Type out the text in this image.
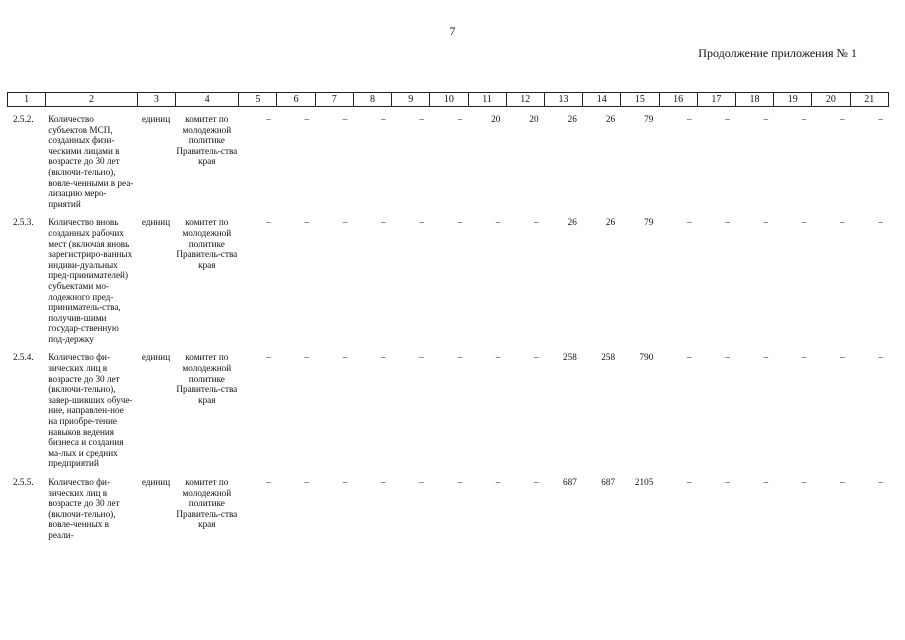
7
Продолжение приложения № 1
1	2	3	4	5	6	7	8	9	10	11	12	13	14	15	16	17	18	19	20	21
2.5.2.	Количество субъектов МСП, созданных физи-ческими лицами в возрасте до 30 лет (включи-тельно), вовле-ченными в реа-лизацию меро-приятий	единиц	комитет по молодежной политике Правитель-ства края	–	–	–	–	–	–	20	20	26	26	79	–	–	–	–	–	–
2.5.3.	Количество вновь созданных рабочих мест (включая вновь зарегистриро-ванных индиви-дуальных пред-принимателей) субъектами мо-лодежного пред-приниматель-ства, получив-шими государ-ственную под-держку	единиц	комитет по молодежной политике Правитель-ства края	–	–	–	–	–	–	–	–	26	26	79	–	–	–	–	–	–
2.5.4.	Количество фи-зических лиц в возрасте до 30 лет (включи-тельно), завер-шивших обуче-ние, направлен-ное на приобре-тение навыков ведения бизнеса и создания ма-лых и средних предприятий	единиц	комитет по молодежной политике Правитель-ства края	–	–	–	–	–	–	–	–	258	258	790	–	–	–	–	–	–
2.5.5.	Количество фи-зических лиц в возрасте до 30 лет (включи-тельно), вовле-ченных в реали-	единиц	комитет по молодежной политике Правитель-ства края	–	–	–	–	–	–	–	–	687	687	2105	–	–	–	–	–	–
